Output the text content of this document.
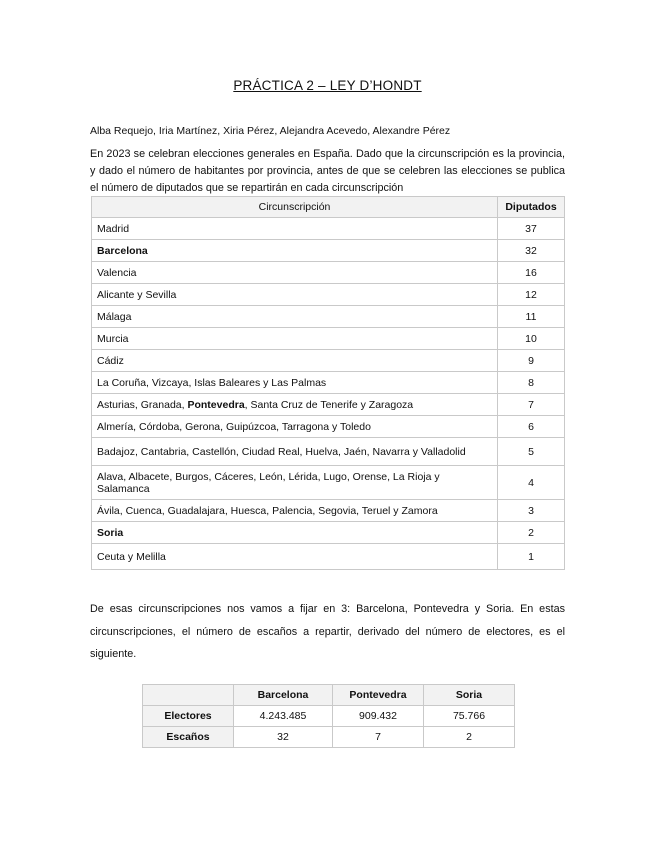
PRÁCTICA 2 – LEY D’HONDT
Alba Requejo, Iria Martínez, Xiria Pérez, Alejandra Acevedo, Alexandre Pérez
En 2023 se celebran elecciones generales en España. Dado que la circunscripción es la provincia, y dado el número de habitantes por provincia, antes de que se celebren las elecciones se publica el número de diputados que se repartirán en cada circunscripción
Circunscripción	Diputados
Madrid	37
Barcelona	32
Valencia	16
Alicante y Sevilla	12
Málaga	11
Murcia	10
Cádiz	9
La Coruña, Vizcaya, Islas Baleares y Las Palmas	8
Asturias, Granada, Pontevedra, Santa Cruz de Tenerife y Zaragoza	7
Almería, Córdoba, Gerona, Guipúzcoa, Tarragona y Toledo	6
Badajoz, Cantabria, Castellón, Ciudad Real, Huelva, Jaén, Navarra y Valladolid	5
Alava, Albacete, Burgos, Cáceres, León, Lérida, Lugo, Orense, La Rioja y Salamanca	4
Ávila, Cuenca, Guadalajara, Huesca, Palencia, Segovia, Teruel y Zamora	3
Soria	2
Ceuta y Melilla	1
De esas circunscripciones nos vamos a fijar en 3: Barcelona, Pontevedra y Soria. En estas circunscripciones, el número de escaños a repartir, derivado del número de electores, es el siguiente.
	Barcelona	Pontevedra	Soria
Electores	4.243.485	909.432	75.766
Escaños	32	7	2
